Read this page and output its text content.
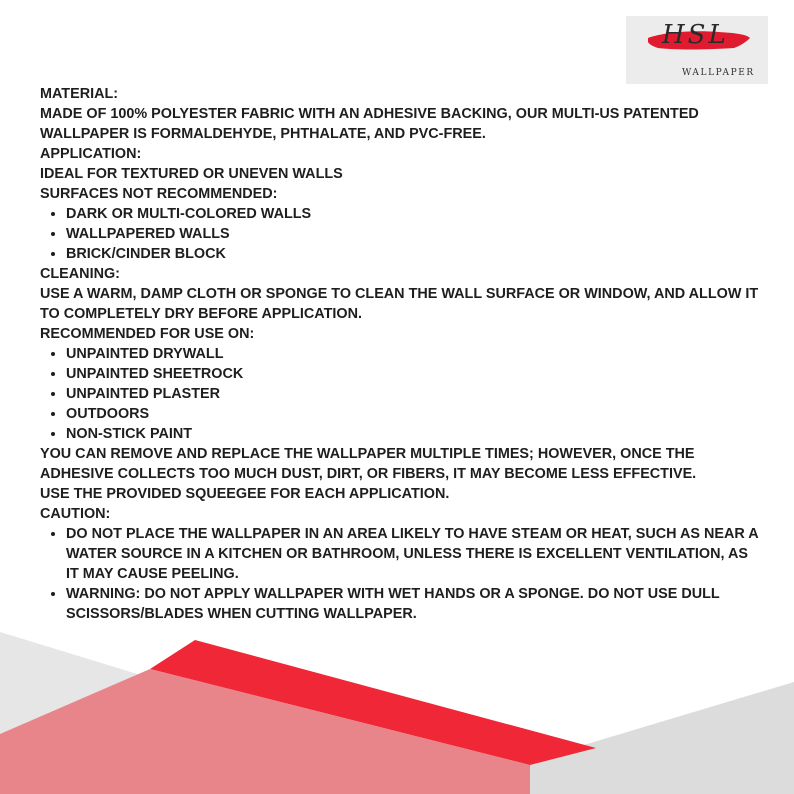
HSL
WALLPAPER

MATERIAL:

MADE OF 100% POLYESTER FABRIC WITH AN ADHESIVE BACKING, OUR MULTI-US PATENTED WALLPAPER IS FORMALDEHYDE, PHTHALATE, AND PVC-FREE.

APPLICATION:

IDEAL FOR TEXTURED OR UNEVEN WALLS

SURFACES NOT RECOMMENDED:

• DARK OR MULTI-COLORED WALLS
• WALLPAPERED WALLS
• BRICK/CINDER BLOCK

CLEANING:

USE A WARM, DAMP CLOTH OR SPONGE TO CLEAN THE WALL SURFACE OR WINDOW, AND ALLOW IT TO COMPLETELY DRY BEFORE APPLICATION.

RECOMMENDED FOR USE ON:

• UNPAINTED DRYWALL
• UNPAINTED SHEETROCK
• UNPAINTED PLASTER
• OUTDOORS
• NON-STICK PAINT

YOU CAN REMOVE AND REPLACE THE WALLPAPER MULTIPLE TIMES; HOWEVER, ONCE THE ADHESIVE COLLECTS TOO MUCH DUST, DIRT, OR FIBERS, IT MAY BECOME LESS EFFECTIVE.

USE THE PROVIDED SQUEEGEE FOR EACH APPLICATION.

CAUTION:

• DO NOT PLACE THE WALLPAPER IN AN AREA LIKELY TO HAVE STEAM OR HEAT, SUCH AS NEAR A WATER SOURCE IN A KITCHEN OR BATHROOM, UNLESS THERE IS EXCELLENT VENTILATION, AS IT MAY CAUSE PEELING.
• WARNING: DO NOT APPLY WALLPAPER WITH WET HANDS OR A SPONGE. DO NOT USE DULL SCISSORS/BLADES WHEN CUTTING WALLPAPER.
